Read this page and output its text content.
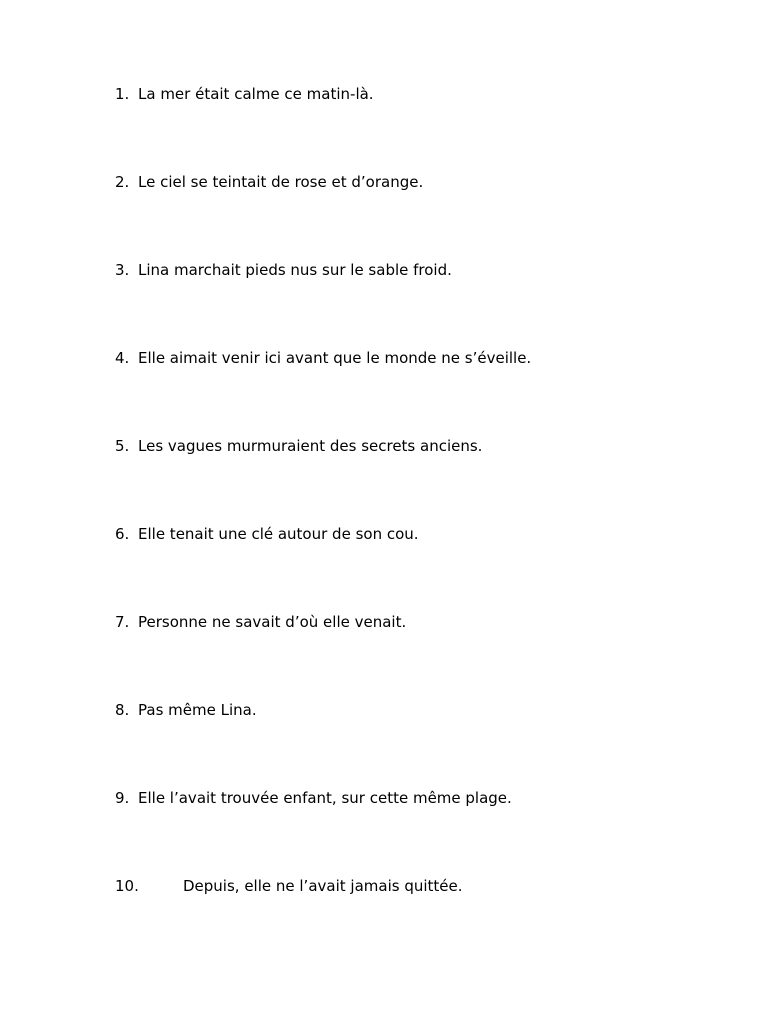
1. La mer était calme ce matin-là.
2. Le ciel se teintait de rose et d’orange.
3. Lina marchait pieds nus sur le sable froid.
4. Elle aimait venir ici avant que le monde ne s’éveille.
5. Les vagues murmuraient des secrets anciens.
6. Elle tenait une clé autour de son cou.
7. Personne ne savait d’où elle venait.
8. Pas même Lina.
9. Elle l’avait trouvée enfant, sur cette même plage.
10.	Depuis, elle ne l’avait jamais quittée.
